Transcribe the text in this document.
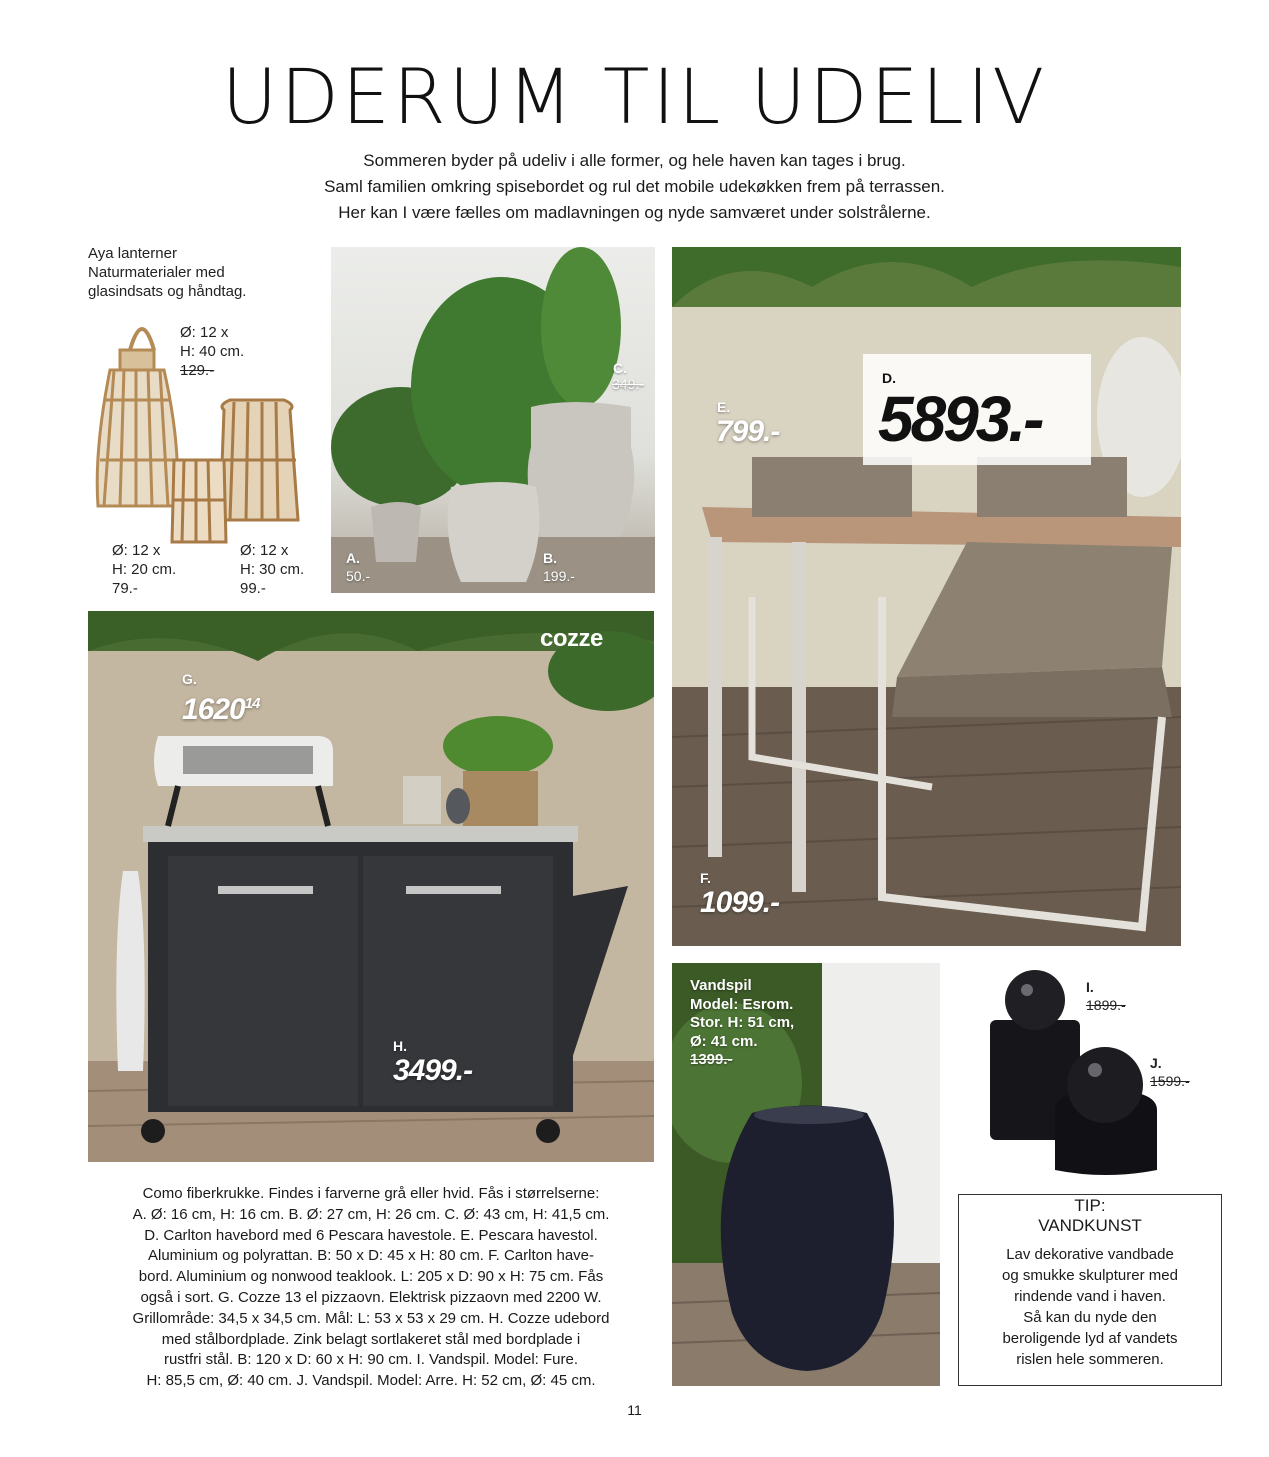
UDERUM TIL UDELIV
Sommeren byder på udeliv i alle former, og hele haven kan tages i brug.
Saml familien omkring spisebordet og rul det mobile udekøkken frem på terrassen.
Her kan I være fælles om madlavningen og nyde samværet under solstrålerne.
Aya lanterner
Naturmaterialer med
glasindsats og håndtag.
Ø: 12 x
H: 40 cm.
129.-
Ø: 12 x
H: 20 cm.
79.-
Ø: 12 x
H: 30 cm.
99.-
C.
349.-
A.
50.-
B.
199.-
D.
5893.-
E.
799.-
F.
1099.-
cozze
G.
1620$^{14}$
H.
3499.-
Vandspil
Model: Esrom.
Stor. H: 51 cm,
Ø: 41 cm.
1399.-
I.
1899.-
J.
1599.-
Como fiberkrukke. Findes i farverne grå eller hvid. Fås i størrelserne:
A. Ø: 16 cm, H: 16 cm. B. Ø: 27 cm, H: 26 cm. C. Ø: 43 cm, H: 41,5 cm.
D. Carlton havebord med 6 Pescara havestole. E. Pescara havestol.
Aluminium og polyrattan. B: 50 x D: 45 x H: 80 cm. F. Carlton have-
bord. Aluminium og nonwood teaklook. L: 205 x D: 90 x H: 75 cm. Fås
også i sort. G. Cozze 13 el pizzaovn. Elektrisk pizzaovn med 2200 W.
Grillområde: 34,5 x 34,5 cm. Mål: L: 53 x 53 x 29 cm. H. Cozze udebord
med stålbordplade. Zink belagt sortlakeret stål med bordplade i
rustfri stål. B: 120 x D: 60 x H: 90 cm. I. Vandspil. Model: Fure.
H: 85,5 cm, Ø: 40 cm. J. Vandspil. Model: Arre. H: 52 cm, Ø: 45 cm.
TIP:
VANDKUNST
Lav dekorative vandbade
og smukke skulpturer med
rindende vand i haven.
Så kan du nyde den
beroligende lyd af vandets
rislen hele sommeren.
11
